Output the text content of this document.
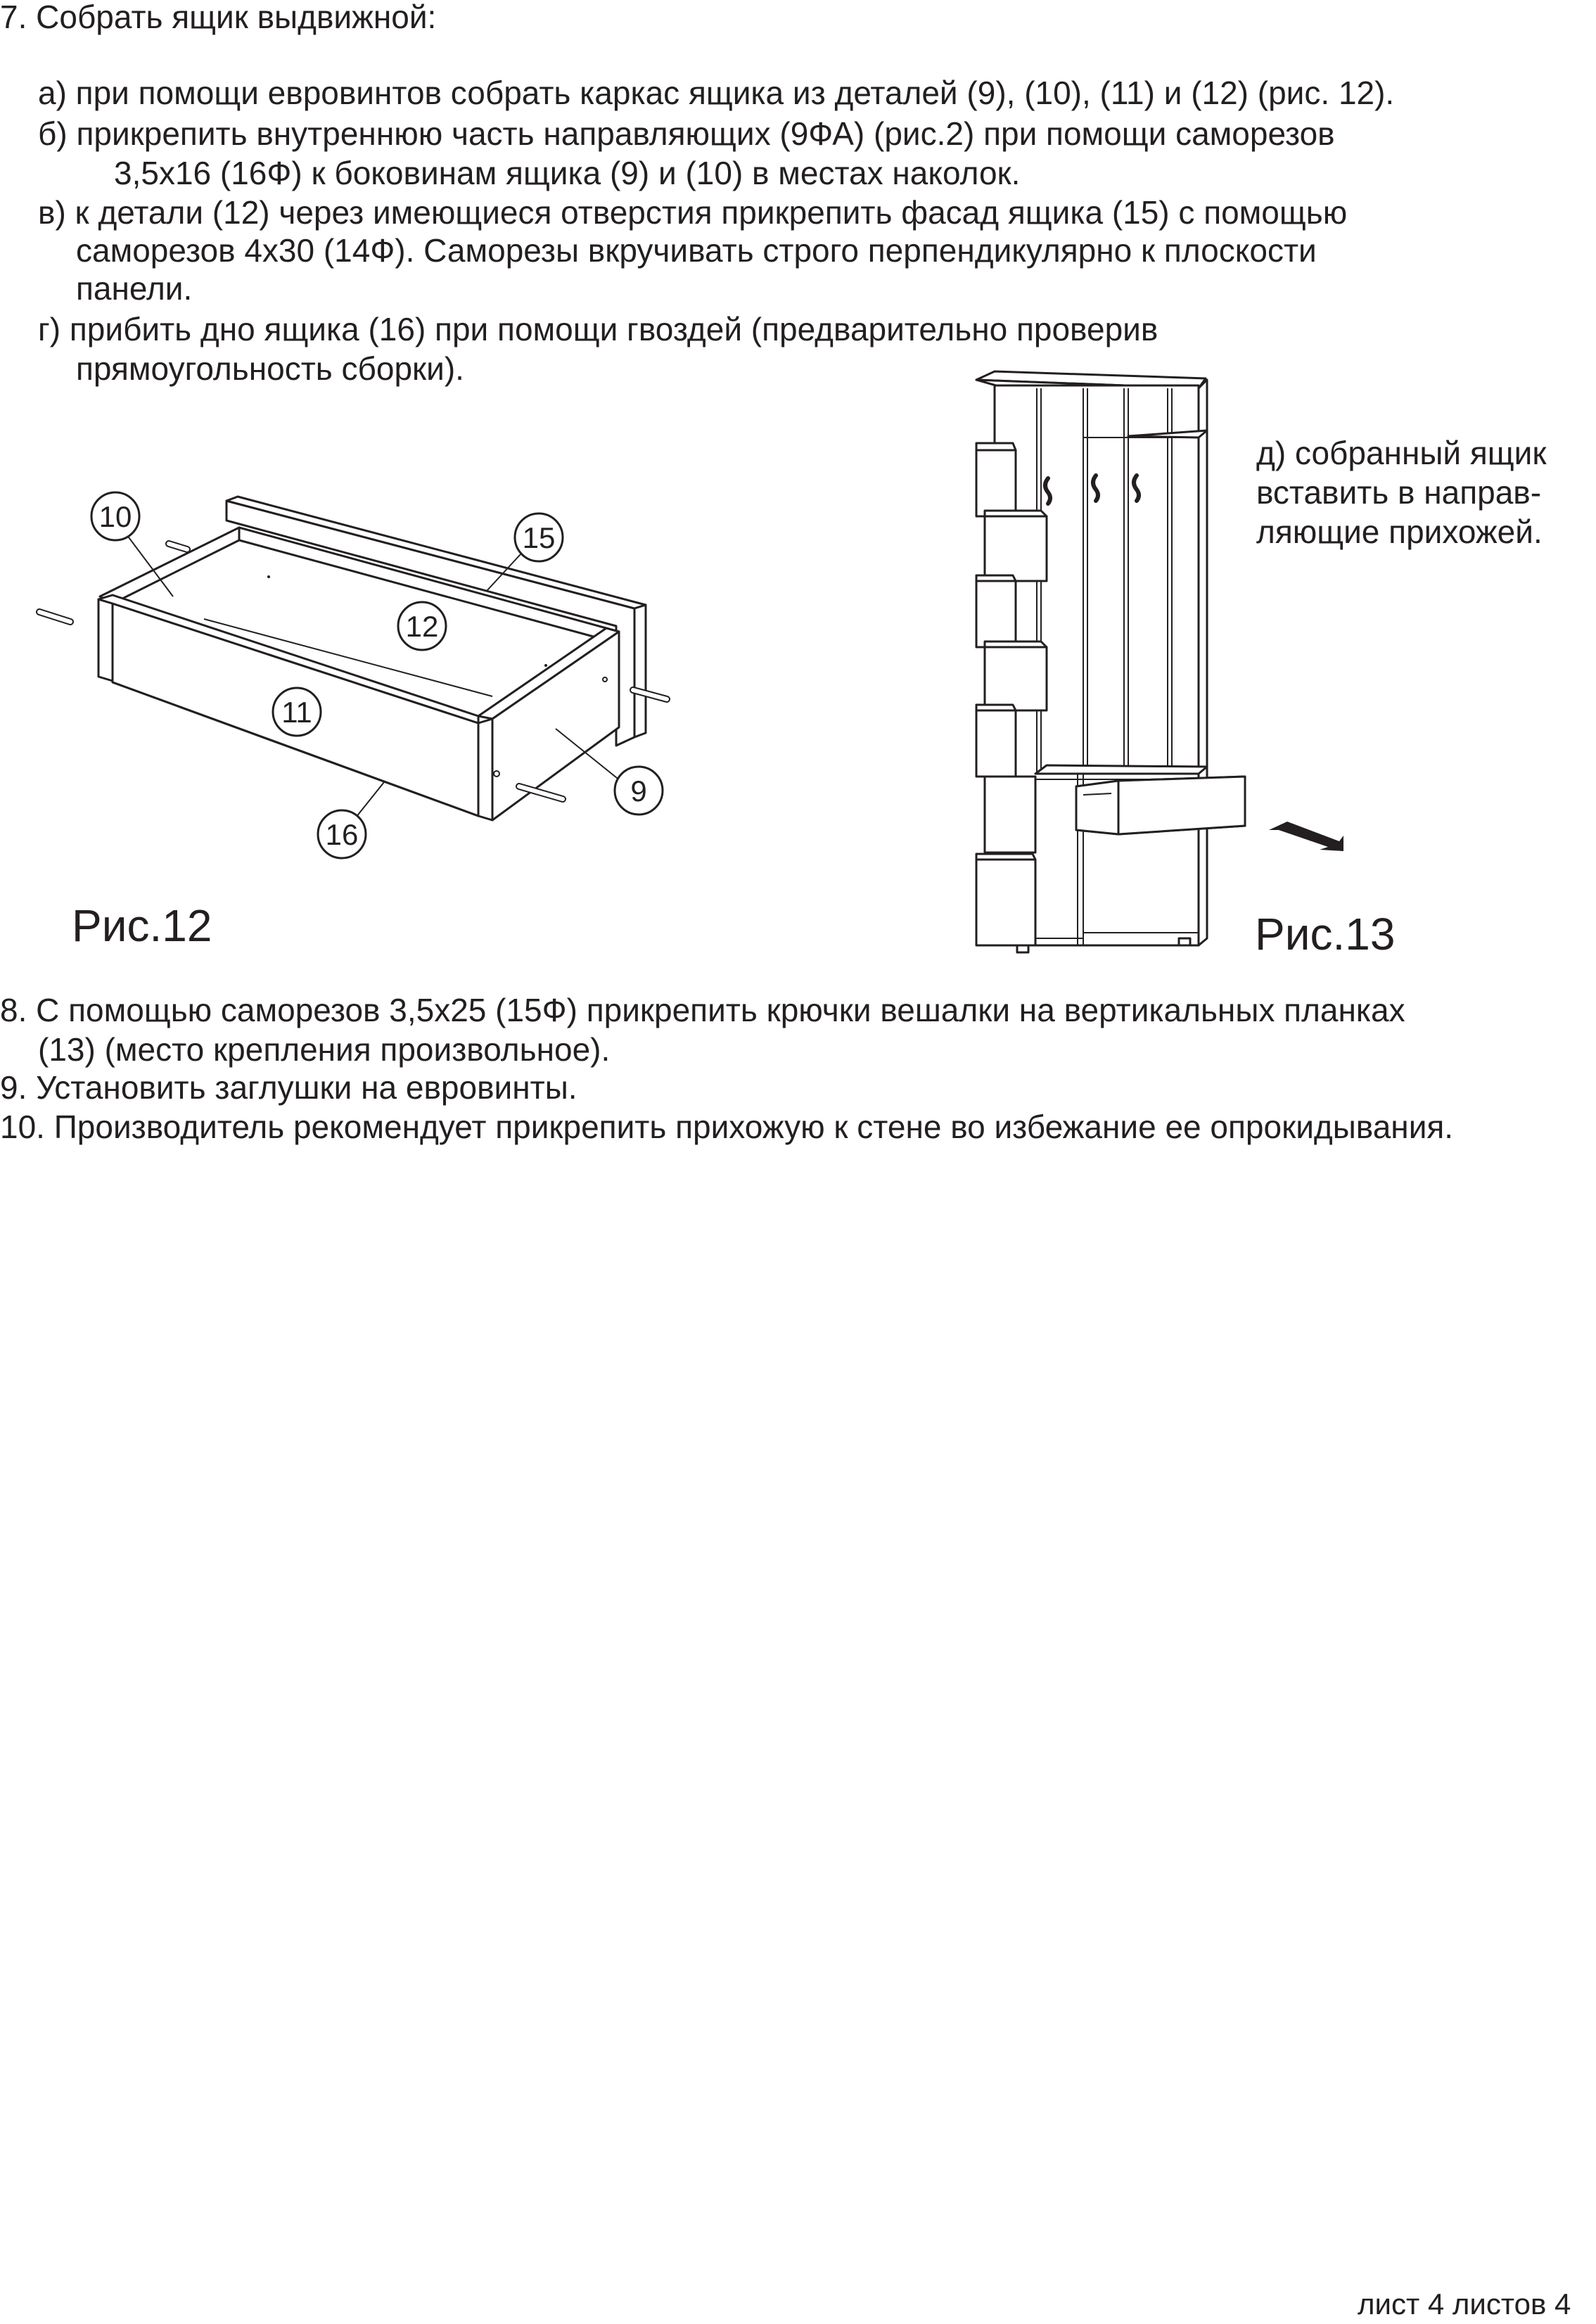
7. Собрать ящик выдвижной:

а) при помощи евровинтов собрать каркас ящика из деталей (9), (10), (11) и (12) (рис. 12).

б) прикрепить внутреннюю часть направляющих (9ФА) (рис.2) при помощи саморезов

3,5х16 (16Ф) к боковинам ящика (9) и (10) в местах наколок.

в) к детали (12) через имеющиеся отверстия прикрепить фасад ящика (15) с помощью

саморезов 4х30 (14Ф). Саморезы вкручивать строго перпендикулярно к плоскости

панели.

г) прибить дно ящика (16) при помощи гвоздей (предварительно проверив

прямоугольность сборки).

д) собранный ящик

вставить в направ-

ляющие прихожей.

10
15
12
11
9
16
Рис.12	Рис.13

8. С помощью саморезов 3,5х25 (15Ф) прикрепить крючки вешалки на вертикальных планках

(13) (место крепления произвольное).

9. Установить заглушки на евровинты.

10. Производитель рекомендует прикрепить прихожую к стене во избежание ее опрокидывания.

лист 4 листов 4
